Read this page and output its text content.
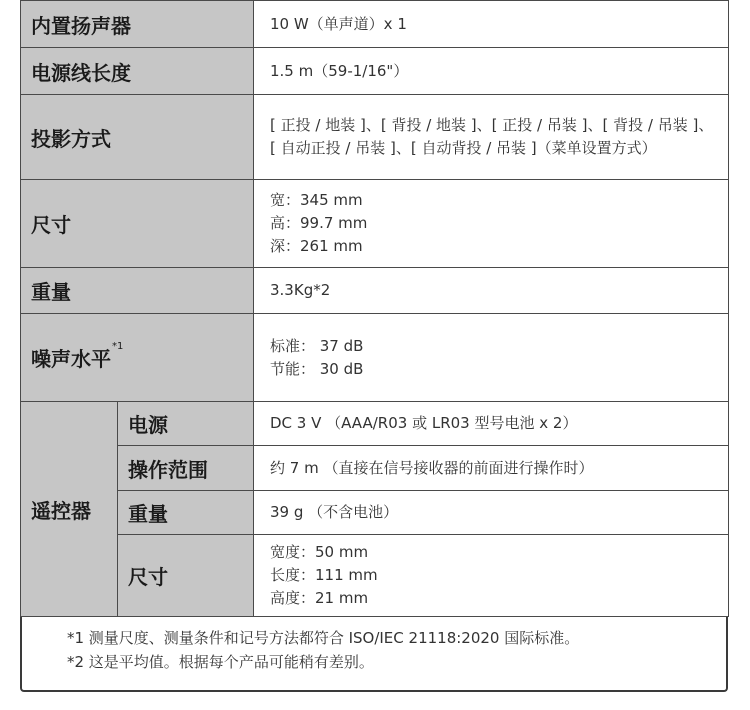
内置扬声器		10 W（单声道）x 1

电源线长度		1.5 m（59-1/16"）

投影方式		[ 正投 / 地装 ]、[ 背投 / 地装 ]、[ 正投 / 吊装 ]、[ 背投 / 吊装 ]、
[ 自动正投 / 吊装 ]、[ 自动背投 / 吊装 ]（菜单设置方式）

尺寸		宽：345 mm
高：99.7 mm
深：261 mm

重量		3.3Kg*2

噪声水平$^{*1}$		标准： 37 dB
节能： 30 dB

遥控器	电源	DC 3 V （AAA/R03 或 LR03 型号电池 x 2）

	操作范围	约 7 m （直接在信号接收器的前面进行操作时）

	重量	39 g （不含电池）

	尺寸	宽度：50 mm
长度：111 mm
高度：21 mm
*1 测量尺度、测量条件和记号方法都符合 ISO/IEC 21118:2020 国际标准。
*2 这是平均值。根据每个产品可能稍有差别。
